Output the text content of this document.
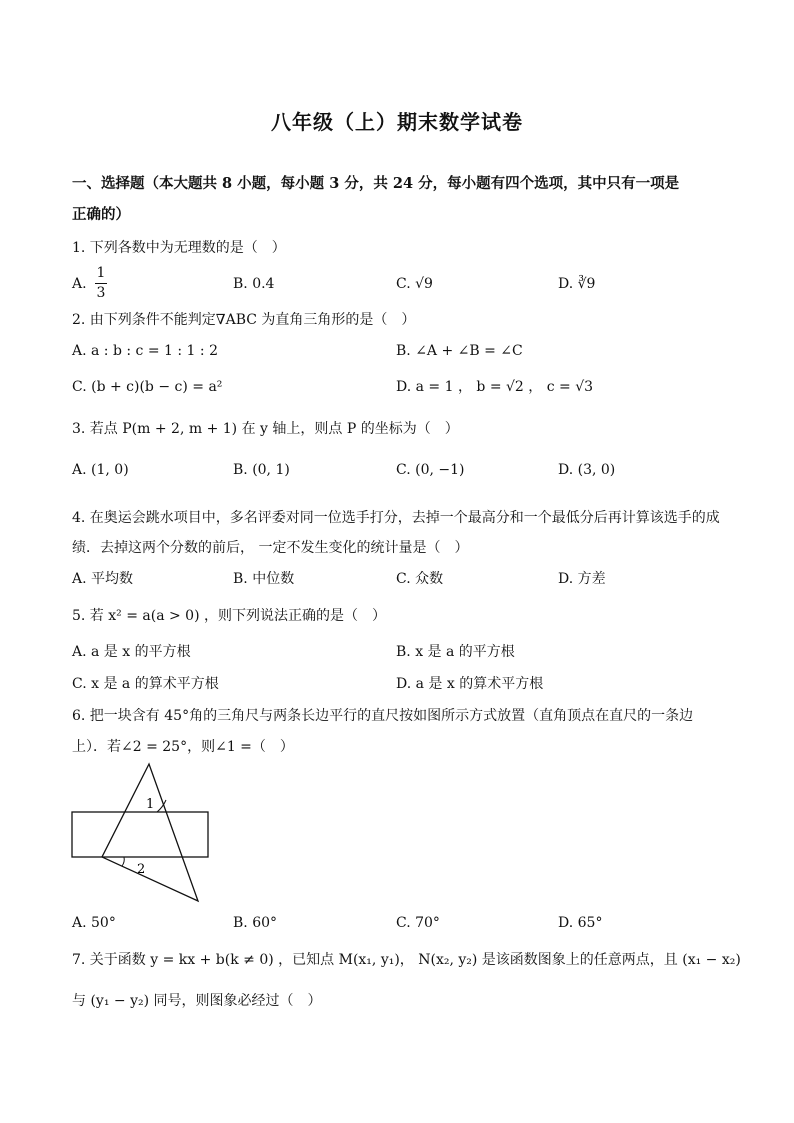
八年级（上）期末数学试卷
一、选择题（本大题共 8 小题，每小题 3 分，共 24 分，每小题有四个选项，其中只有一项是
正确的）
1. 下列各数中为无理数的是（　）
A.
1
3
B. 0.4	C. √9	D. ∛9
2. 由下列条件不能判定∇ABC 为直角三角形的是（　）
A. a : b : c = 1 : 1 : 2	B. ∠A + ∠B = ∠C
C. (b + c)(b − c) = a²	D. a = 1 ， b = √2 ， c = √3
3. 若点 P(m + 2, m + 1) 在 y 轴上，则点 P 的坐标为（　）
A. (1, 0)	B. (0, 1)	C. (0, −1)	D. (3, 0)
4. 在奥运会跳水项目中，多名评委对同一位选手打分，去掉一个最高分和一个最低分后再计算该选手的成
绩．去掉这两个分数的前后， 一定不发生变化的统计量是（　）
A. 平均数	B. 中位数	C. 众数	D. 方差
5. 若 x² = a(a > 0) ，则下列说法正确的是（　）
A. a 是 x 的平方根	B. x 是 a 的平方根
C. x 是 a 的算术平方根	D. a 是 x 的算术平方根
6. 把一块含有 45°角的三角尺与两条长边平行的直尺按如图所示方式放置（直角顶点在直尺的一条边
上）．若∠2 = 25°，则∠1 =（　）
1
2
A. 50°	B. 60°	C. 70°	D. 65°
7. 关于函数 y = kx + b(k ≠ 0) ，已知点 M(x₁, y₁)， N(x₂, y₂) 是该函数图象上的任意两点，且 (x₁ − x₂)
与 (y₁ − y₂) 同号，则图象必经过（　）
